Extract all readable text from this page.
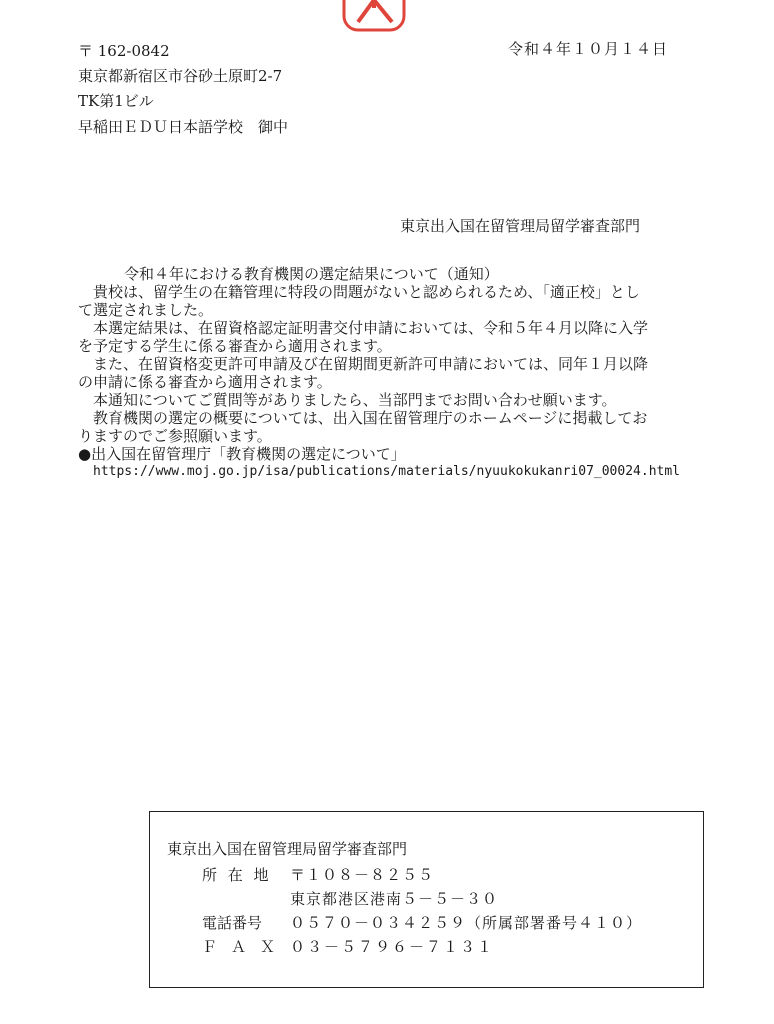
〒 162-0842	令和４年１０月１４日
東京都新宿区市谷砂土原町2-7
TK第1ビル
早稲田ＥＤＵ日本語学校　御中
東京出入国在留管理局留学審査部門

令和４年における教育機関の選定結果について（通知）

貴校は、留学生の在籍管理に特段の問題がないと認められるため、「適正校」とし

て選定されました。

本選定結果は、在留資格認定証明書交付申請においては、令和５年４月以降に入学

を予定する学生に係る審査から適用されます。

また、在留資格変更許可申請及び在留期間更新許可申請においては、同年１月以降

の申請に係る審査から適用されます。

本通知についてご質問等がありましたら、当部門までお問い合わせ願います。

教育機関の選定の概要については、出入国在留管理庁のホームページに掲載してお

りますのでご参照願います。

●出入国在留管理庁「教育機関の選定について」

https://www.moj.go.jp/isa/publications/materials/nyuukokukanri07_00024.html

東京出入国在留管理局留学審査部門
所 在 地 〒１０８－８２５５
東京都港区港南５－５－３０
電話番号 ０５７０－０３４２５９（所属部署番号４１０）
ＦＡＸ ０３－５７９６－７１３１
